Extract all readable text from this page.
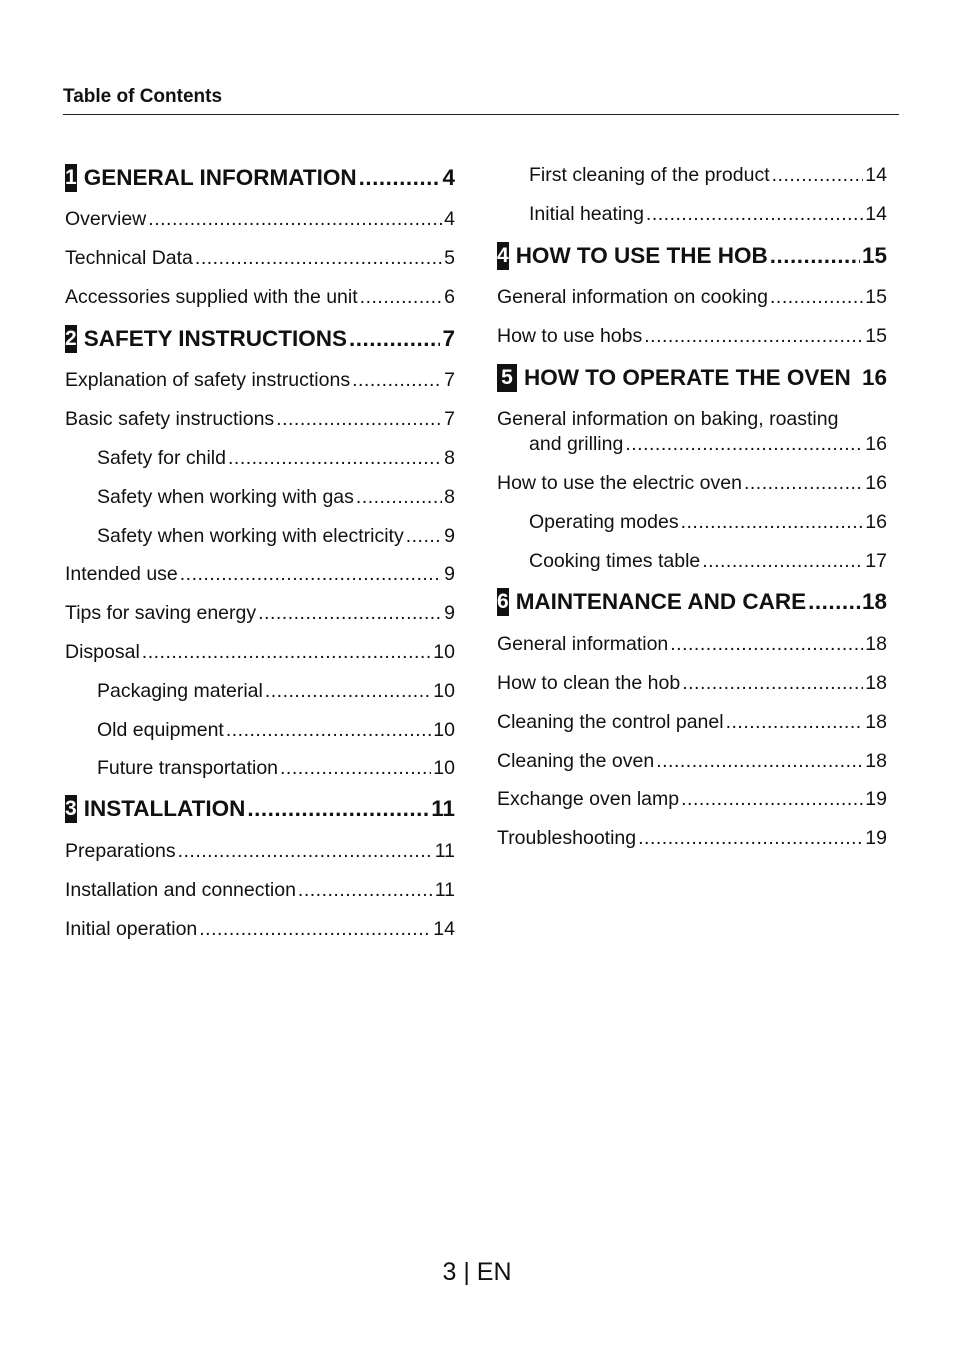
Table of Contents
1 GENERAL INFORMATION .....	4
Overview .....	4
Technical Data .....	5
Accessories supplied with the unit .....	6
2 SAFETY INSTRUCTIONS .....	7
Explanation of safety instructions .....	7
Basic safety instructions .....	7
Safety for child .....	8
Safety when working with gas .....	8
Safety when working with electricity ..... 9
Intended use .....	9
Tips for saving energy .....	9
Disposal .....	10
Packaging material .....	10
Old equipment .....	10
Future transportation .....	10
3 INSTALLATION .....	11
Preparations .....	11
Installation and connection .....	11
Initial operation .....	14
First cleaning of the product .....	14
Initial heating .....	14
4 HOW TO USE THE HOB .....	15
General information on cooking .....	15
How to use hobs .....	15
5 HOW TO OPERATE THE OVEN 16
General information on baking, roasting
and grilling .....	16
How to use the electric oven .....	16
Operating modes .....	16
Cooking times table .....	17
6 MAINTENANCE AND CARE ..... 18
General information .....	18
How to clean the hob .....	18
Cleaning the control panel .....	18
Cleaning the oven .....	18
Exchange oven lamp .....	19
Troubleshooting .....	19
3 | EN
